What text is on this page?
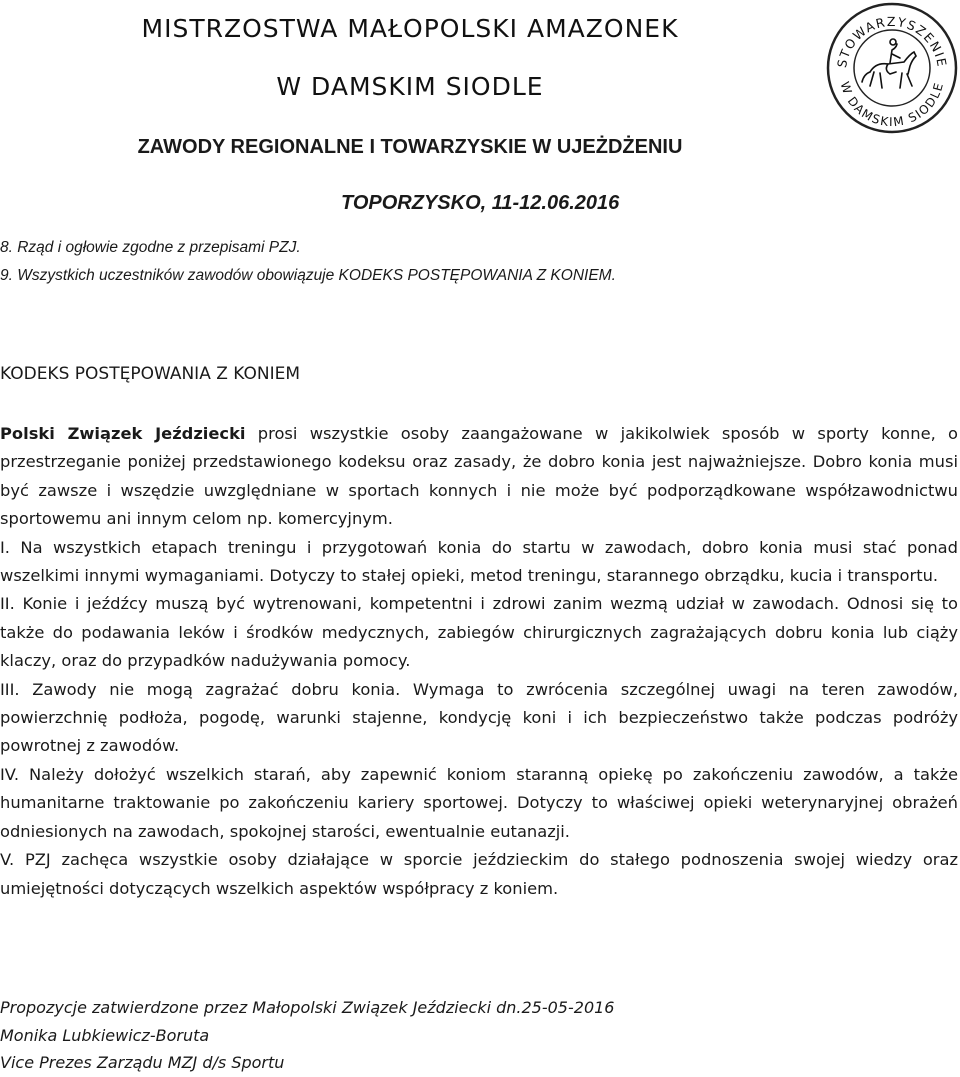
MISTRZOSTWA MAŁOPOLSKI AMAZONEK
W DAMSKIM SIODLE
ZAWODY REGIONALNE I TOWARZYSKIE W UJEŻDŻENIU
TOPORZYSKO, 11-12.06.2016
STOWARZYSZENIE
W DAMSKIM SIODLE
8. Rząd i ogłowie zgodne z przepisami PZJ.
9. Wszystkich uczestników zawodów obowiązuje KODEKS POSTĘPOWANIA Z KONIEM.
KODEKS POSTĘPOWANIA Z KONIEM

Polski Związek Jeździecki prosi wszystkie osoby zaangażowane w jakikolwiek sposób w sporty konne, o przestrzeganie poniżej przedstawionego kodeksu oraz zasady, że dobro konia jest najważniejsze. Dobro konia musi być zawsze i wszędzie uwzględniane w sportach konnych i nie może być podporządkowane współzawodnictwu sportowemu ani innym celom np. komercyjnym.

I. Na wszystkich etapach treningu i przygotowań konia do startu w zawodach, dobro konia musi stać ponad wszelkimi innymi wymaganiami. Dotyczy to stałej opieki, metod treningu, starannego obrządku, kucia i transportu.

II. Konie i jeźdźcy muszą być wytrenowani, kompetentni i zdrowi zanim wezmą udział w zawodach. Odnosi się to także do podawania leków i środków medycznych, zabiegów chirurgicznych zagrażających dobru konia lub ciąży klaczy, oraz do przypadków nadużywania pomocy.

III. Zawody nie mogą zagrażać dobru konia. Wymaga to zwrócenia szczególnej uwagi na teren zawodów, powierzchnię podłoża, pogodę, warunki stajenne, kondycję koni i ich bezpieczeństwo także podczas podróży powrotnej z zawodów.

IV. Należy dołożyć wszelkich starań, aby zapewnić koniom staranną opiekę po zakończeniu zawodów, a także humanitarne traktowanie po zakończeniu kariery sportowej. Dotyczy to właściwej opieki weterynaryjnej obrażeń odniesionych na zawodach, spokojnej starości, ewentualnie eutanazji.

V. PZJ zachęca wszystkie osoby działające w sporcie jeździeckim do stałego podnoszenia swojej wiedzy oraz umiejętności dotyczących wszelkich aspektów współpracy z koniem.

Propozycje zatwierdzone przez Małopolski Związek Jeździecki dn.25-05-2016
Monika Lubkiewicz-Boruta
Vice Prezes Zarządu MZJ d/s Sportu
